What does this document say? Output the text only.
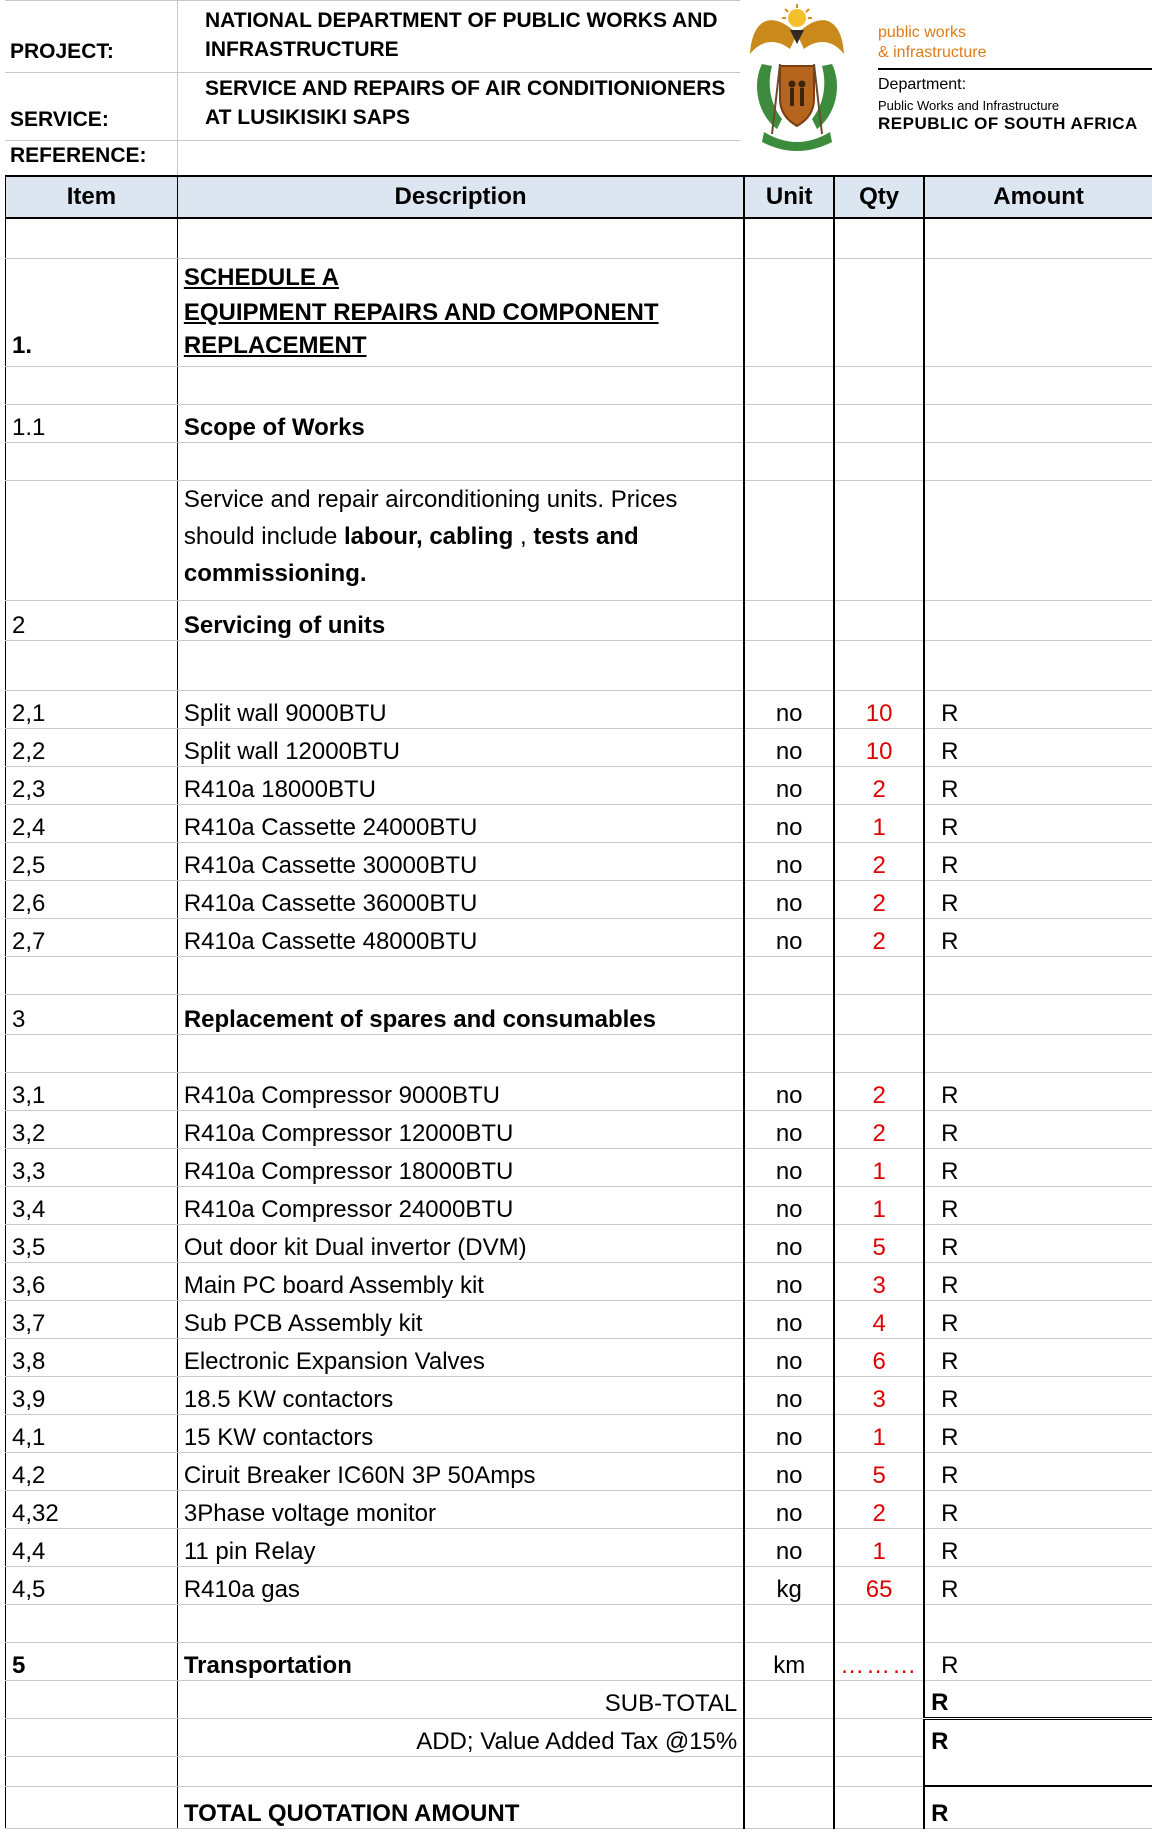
PROJECT:
NATIONAL DEPARTMENT OF PUBLIC WORKS AND INFRASTRUCTURE
SERVICE:
SERVICE AND REPAIRS OF AIR CONDITIONIONERS AT LUSIKISIKI SAPS
REFERENCE:
public works
& infrastructure
Department:
Public Works and Infrastructure
REPUBLIC OF SOUTH AFRICA
Item	Description	Unit	Qty	Amount

1.	SCHEDULE A
EQUIPMENT REPAIRS AND COMPONENT REPLACEMENT			

1.1	Scope of Works			

	Service and repair airconditioning units. Prices should include labour, cabling , tests and commissioning.			
2	Servicing of units			

2,1	Split wall 9000BTU	no	10	R
2,2	Split wall 12000BTU	no	10	R
2,3	R410a 18000BTU	no	2	R
2,4	R410a Cassette 24000BTU	no	1	R
2,5	R410a Cassette 30000BTU	no	2	R
2,6	R410a Cassette 36000BTU	no	2	R
2,7	R410a Cassette 48000BTU	no	2	R

3	Replacement of spares and consumables			

3,1	R410a Compressor 9000BTU	no	2	R
3,2	R410a Compressor 12000BTU	no	2	R
3,3	R410a Compressor 18000BTU	no	1	R
3,4	R410a Compressor 24000BTU	no	1	R
3,5	Out door kit Dual invertor (DVM)	no	5	R
3,6	Main PC board Assembly kit	no	3	R
3,7	Sub PCB Assembly kit	no	4	R
3,8	Electronic Expansion Valves	no	6	R
3,9	18.5 KW contactors	no	3	R
4,1	15 KW contactors	no	1	R
4,2	Ciruit Breaker IC60N 3P 50Amps	no	5	R
4,32	3Phase voltage monitor	no	2	R
4,4	11 pin Relay	no	1	R
4,5	R410a gas	kg	65	R

5	Transportation	km	………	R
	SUB-TOTAL			R
	ADD; Value Added Tax @15%			R

	TOTAL QUOTATION AMOUNT			R
